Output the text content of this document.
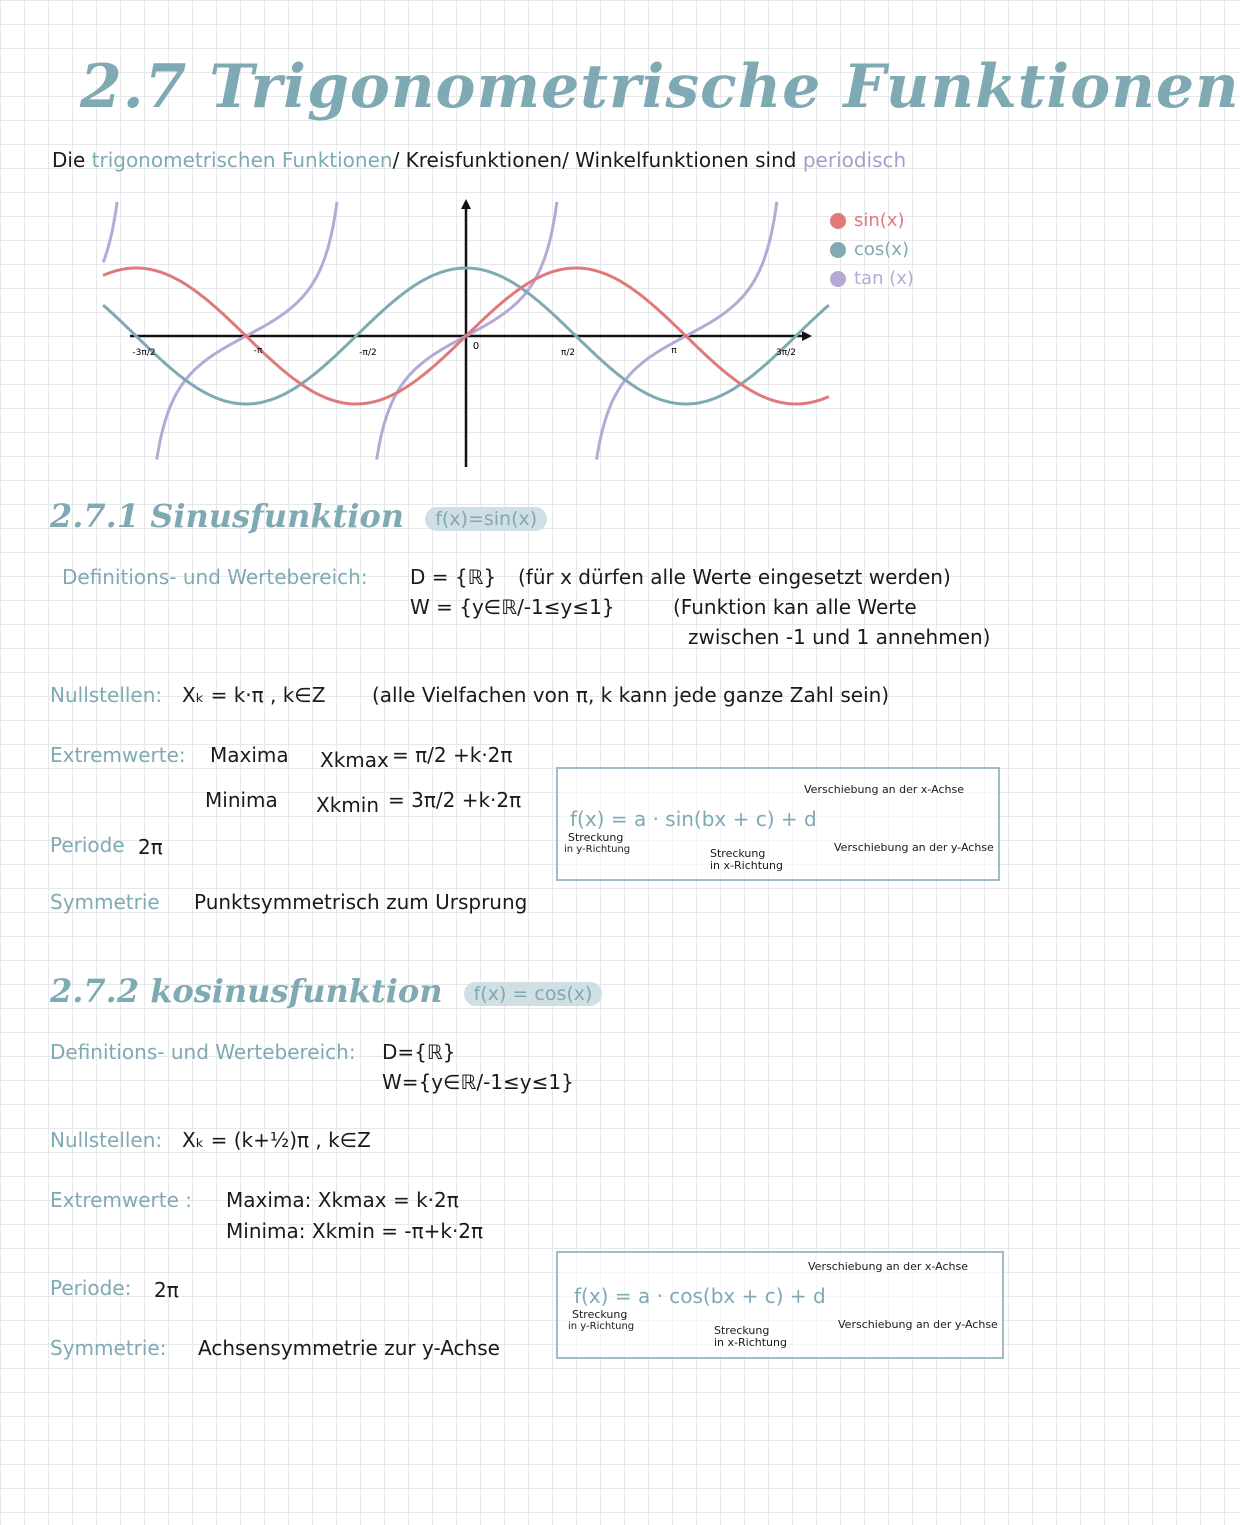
2.7 Trigonometrische Funktionen
Die trigonometrischen Funktionen/ Kreisfunktionen/ Winkelfunktionen sind periodisch
-3π/2	-π	-π/2
0
π/2	π	3π/2
sin(x)
cos(x)
tan (x)
2.7.1 Sinusfunktion f(x)=sin(x)
Definitions- und Wertebereich: D = {ℝ} (für x dürfen alle Werte eingesetzt werden)
W = {y∈ℝ/-1≤y≤1}	(Funktion kan alle Werte
zwischen -1 und 1 annehmen)
Nullstellen: Xₖ = k·π , k∈Z (alle Vielfachen von π, k kann jede ganze Zahl sein)
Extremwerte: Maxima Xkmax = π/2 +k·2π
Minima Xkmin = 3π/2 +k·2π
Periode 2π
Symmetrie Punktsymmetrisch zum Ursprung
Verschiebung an der x-Achse
f(x) = a · sin(bx + c) + d
Streckung
in y-Richtung	Streckung
in x-Richtung
Verschiebung an der y-Achse
2.7.2 kosinusfunktion f(x) = cos(x)
Definitions- und Wertebereich: D={ℝ}
W={y∈ℝ/-1≤y≤1}
Nullstellen: Xₖ = (k+½)π , k∈Z
Extremwerte : Maxima: Xkmax = k·2π
Minima: Xkmin = -π+k·2π
Periode: 2π
Symmetrie: Achsensymmetrie zur y-Achse
Verschiebung an der x-Achse
f(x) = a · cos(bx + c) + d
Streckung
in y-Richtung	Streckung
in x-Richtung
Verschiebung an der y-Achse
